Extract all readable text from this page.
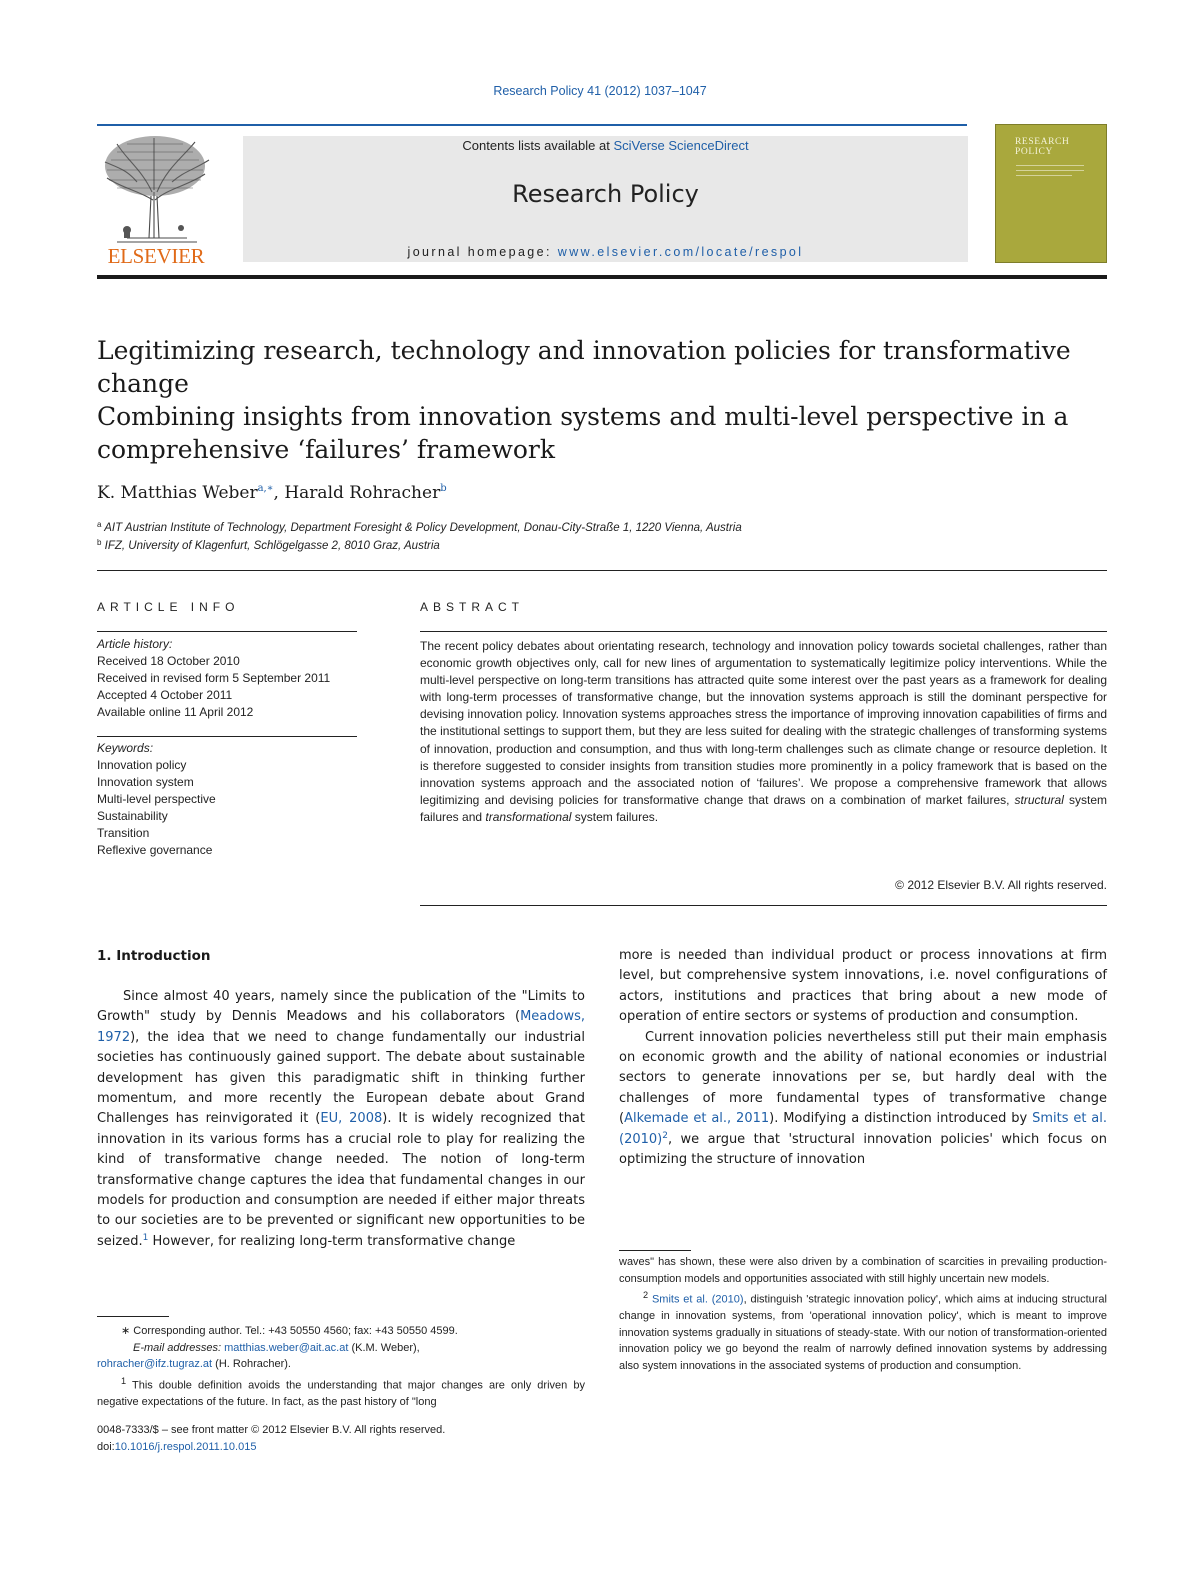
Research Policy 41 (2012) 1037–1047
ELSEVIER
Contents lists available at SciVerse ScienceDirect
Research Policy
journal homepage: www.elsevier.com/locate/respol
RESEARCH
POLICY
Legitimizing research, technology and innovation policies for transformative change
Combining insights from innovation systems and multi-level perspective in a comprehensive ‘failures’ framework
K. Matthias Weber$^{a,∗}$, Harald Rohracher$^b$
$^a$ AIT Austrian Institute of Technology, Department Foresight & Policy Development, Donau-City-Straße 1, 1220 Vienna, Austria
$^b$ IFZ, University of Klagenfurt, Schlögelgasse 2, 8010 Graz, Austria
ARTICLE INFO	ABSTRACT
Article history:
Received 18 October 2010
Received in revised form 5 September 2011
Accepted 4 October 2011
Available online 11 April 2012
Keywords:
Innovation policy
Innovation system
Multi-level perspective
Sustainability
Transition
Reflexive governance
The recent policy debates about orientating research, technology and innovation policy towards societal challenges, rather than economic growth objectives only, call for new lines of argumentation to systematically legitimize policy interventions. While the multi-level perspective on long-term transitions has attracted quite some interest over the past years as a framework for dealing with long-term processes of transformative change, but the innovation systems approach is still the dominant perspective for devising innovation policy. Innovation systems approaches stress the importance of improving innovation capabilities of firms and the institutional settings to support them, but they are less suited for dealing with the strategic challenges of transforming systems of innovation, production and consumption, and thus with long-term challenges such as climate change or resource depletion. It is therefore suggested to consider insights from transition studies more prominently in a policy framework that is based on the innovation systems approach and the associated notion of ‘failures’. We propose a comprehensive framework that allows legitimizing and devising policies for transformative change that draws on a combination of market failures, structural system failures and transformational system failures.
© 2012 Elsevier B.V. All rights reserved.
1. Introduction
Since almost 40 years, namely since the publication of the "Limits to Growth" study by Dennis Meadows and his collaborators (Meadows, 1972), the idea that we need to change fundamentally our industrial societies has continuously gained support. The debate about sustainable development has given this paradigmatic shift in thinking further momentum, and more recently the European debate about Grand Challenges has reinvigorated it (EU, 2008). It is widely recognized that innovation in its various forms has a crucial role to play for realizing the kind of transformative change needed. The notion of long-term transformative change captures the idea that fundamental changes in our models for production and consumption are needed if either major threats to our societies are to be prevented or significant new opportunities to be seized.$^1$ However, for realizing long-term transformative change

more is needed than individual product or process innovations at firm level, but comprehensive system innovations, i.e. novel configurations of actors, institutions and practices that bring about a new mode of operation of entire sectors or systems of production and consumption.

Current innovation policies nevertheless still put their main emphasis on economic growth and the ability of national economies or industrial sectors to generate innovations per se, but hardly deal with the challenges of more fundamental types of transformative change (Alkemade et al., 2011). Modifying a distinction introduced by Smits et al. (2010)$^2$, we argue that 'structural innovation policies' which focus on optimizing the structure of innovation

∗ Corresponding author. Tel.: +43 50550 4560; fax: +43 50550 4599.
E-mail addresses: matthias.weber@ait.ac.at (K.M. Weber),
rohracher@ifz.tugraz.at (H. Rohracher).
$^1$ This double definition avoids the understanding that major changes are only driven by negative expectations of the future. In fact, as the past history of "long
waves" has shown, these were also driven by a combination of scarcities in prevailing production-consumption models and opportunities associated with still highly uncertain new models.
$^2$ Smits et al. (2010), distinguish 'strategic innovation policy', which aims at inducing structural change in innovation systems, from 'operational innovation policy', which is meant to improve innovation systems gradually in situations of steady-state. With our notion of transformation-oriented innovation policy we go beyond the realm of narrowly defined innovation systems by addressing also system innovations in the associated systems of production and consumption.
0048-7333/$ – see front matter © 2012 Elsevier B.V. All rights reserved.
doi:10.1016/j.respol.2011.10.015
